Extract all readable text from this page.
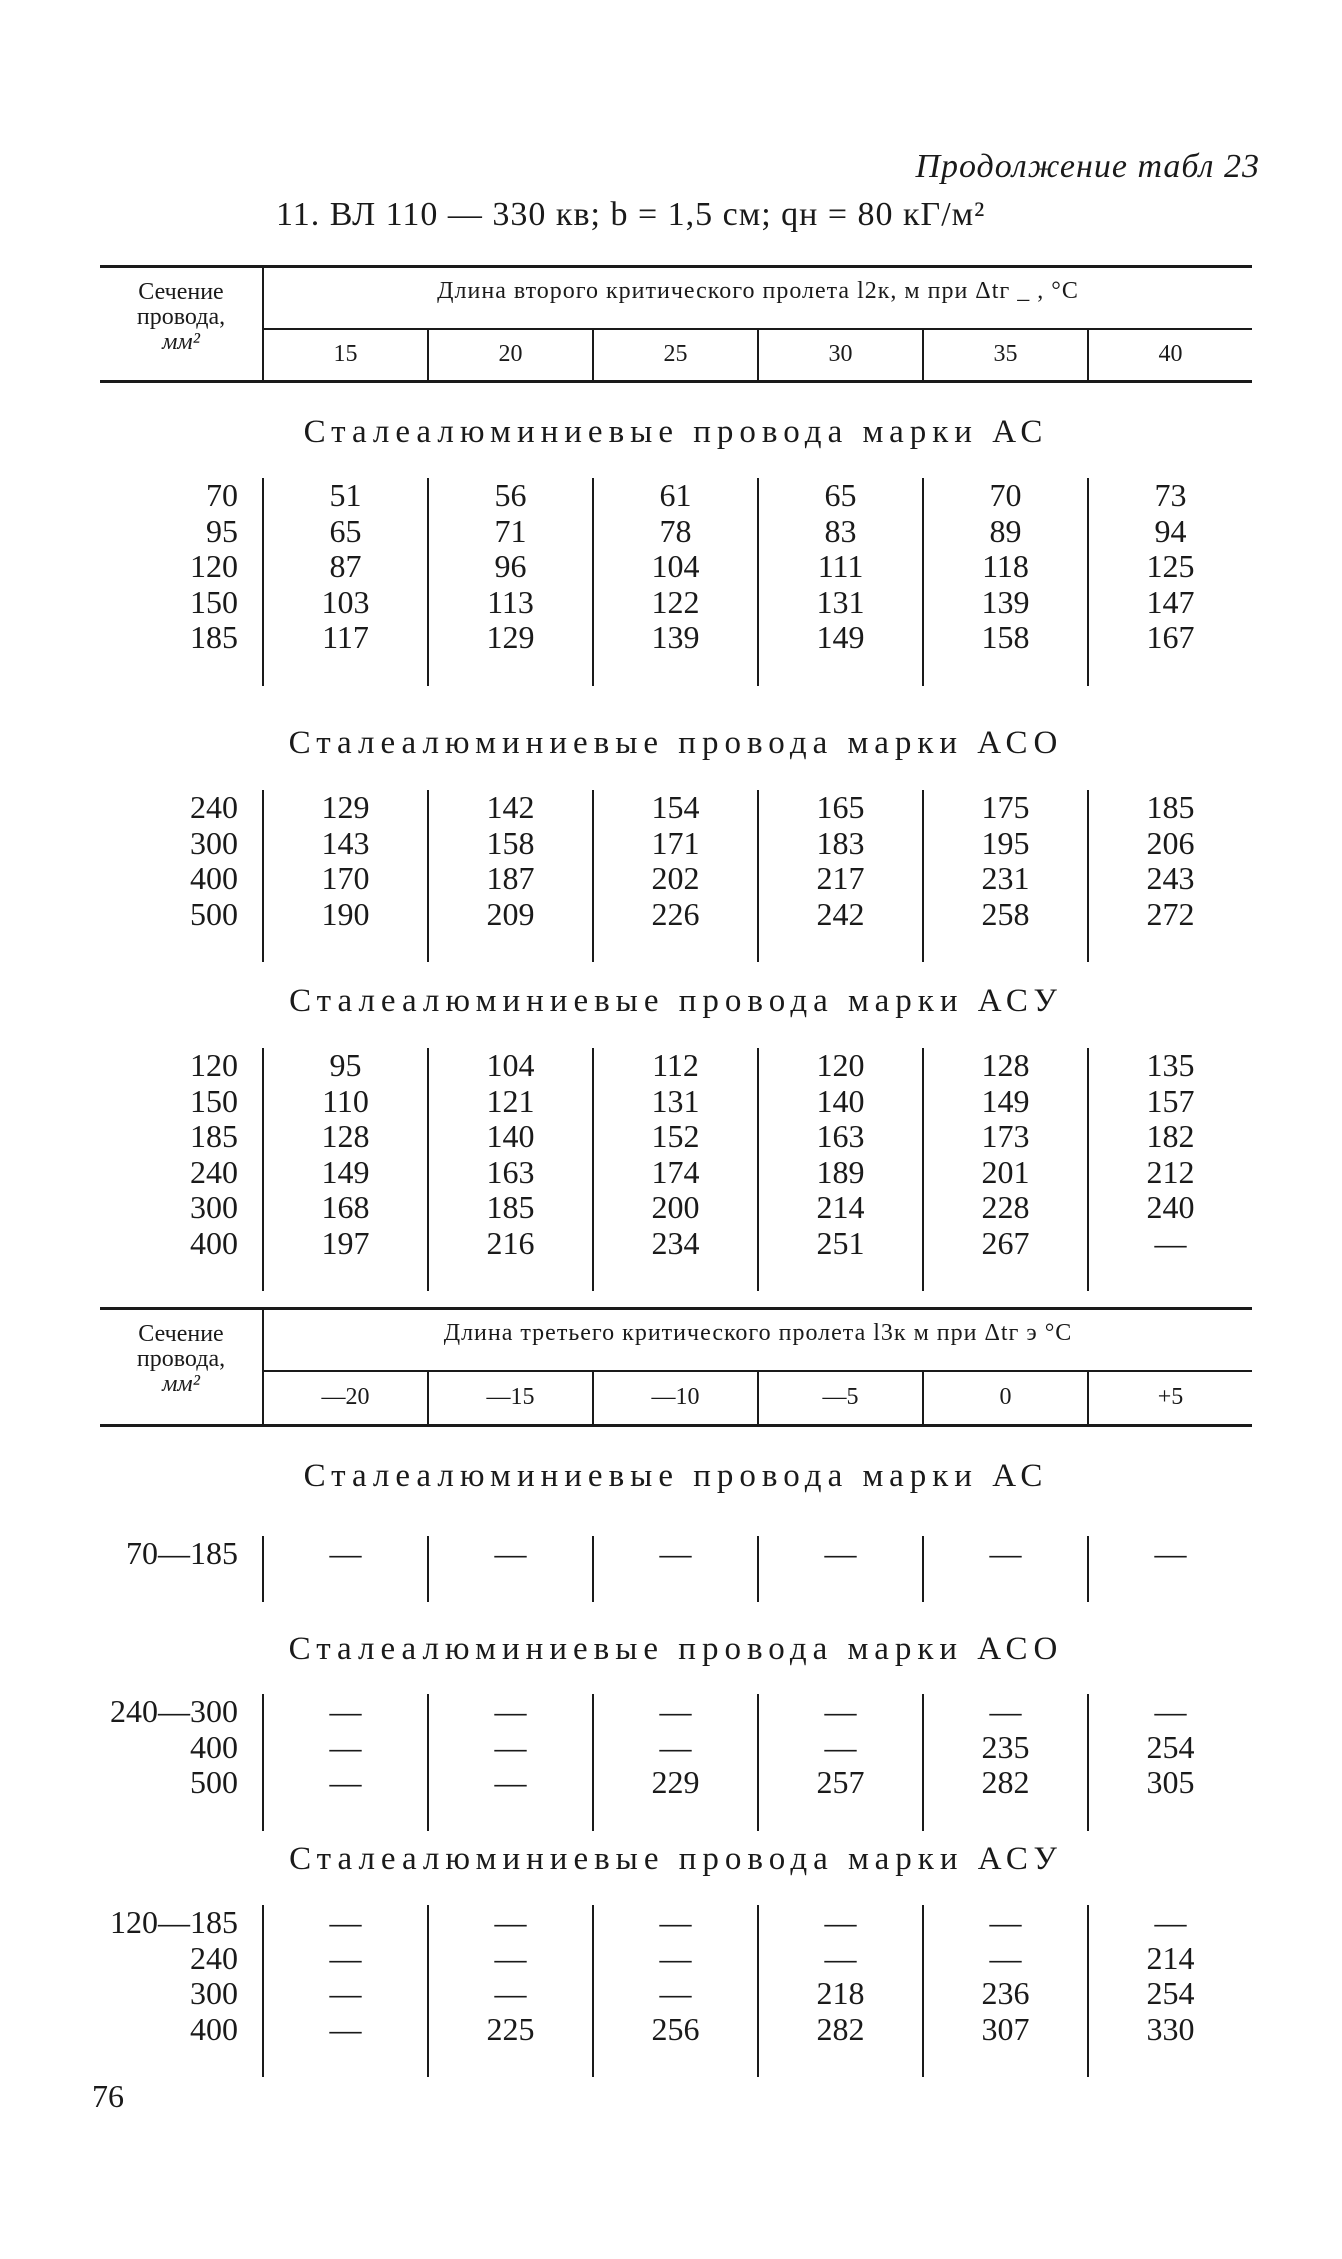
Продолжение табл 23
11. ВЛ 110 — 330 кв; b = 1,5 см; qн = 80 кГ/м²
Сечение
провода,
мм²
Длина второго критического пролета l2к, м при Δtг _ , °С
15	20	25	30	35	40
Сталеалюминиевые провода марки АС
70	51	56	61	65	70	73
95	65	71	78	83	89	94
120	87	96	104	111	118	125
150	103	113	122	131	139	147
185	117	129	139	149	158	167
Сталеалюминиевые провода марки АСО
240	129	142	154	165	175	185
300	143	158	171	183	195	206
400	170	187	202	217	231	243
500	190	209	226	242	258	272
Сталеалюминиевые провода марки АСУ
120	95	104	112	120	128	135
150	110	121	131	140	149	157
185	128	140	152	163	173	182
240	149	163	174	189	201	212
300	168	185	200	214	228	240
400	197	216	234	251	267	—
Сечение
провода,
мм²
Длина третьего критического пролета l3к м при Δtг э °С
—20	—15	—10	—5	0	+5
Сталеалюминиевые провода марки АС
70—185	—	—	—	—	—	—
Сталеалюминиевые провода марки АСО
240—300	—	—	—	—	—	—
400	—	—	—	—	235	254
500	—	—	229	257	282	305
Сталеалюминиевые провода марки АСУ
120—185	—	—	—	—	—	—
240	—	—	—	—	—	214
300	—	—	—	218	236	254
400	—	225	256	282	307	330
76
